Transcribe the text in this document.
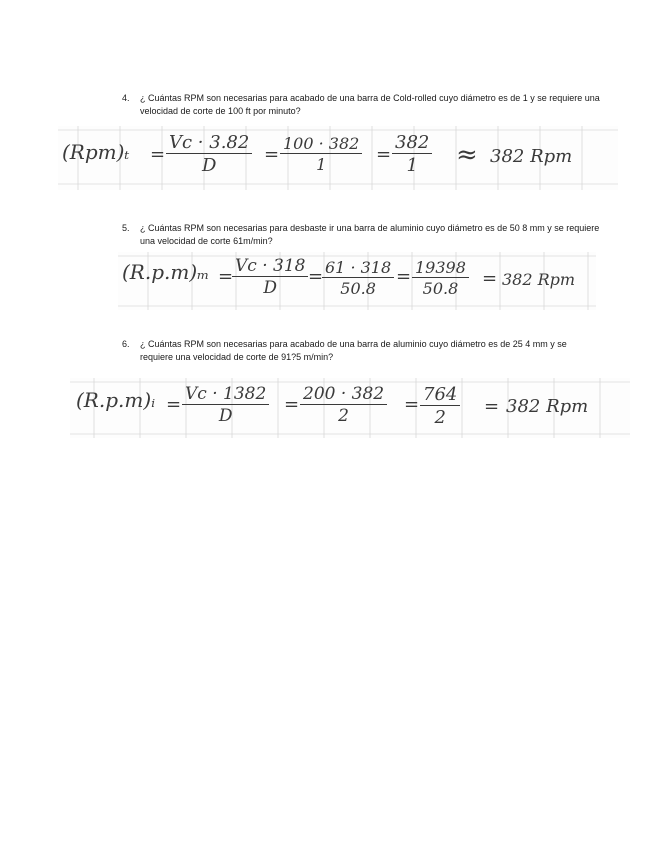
4. ¿ Cuántas RPM son necesarias para acabado de una barra de Cold-rolled cuyo diámetro es de 1 y se requiere una velocidad de corte de 100 ft por minuto?
$(Rpm)_t = \frac{Vc \cdot 3.82}{D} = \frac{100 \cdot 382}{1} = \frac{382}{1} \approx 382$ Rpm
5. ¿ Cuántas RPM son necesarias para desbaste ir una barra de aluminio cuyo diámetro es de 50 8 mm y se requiere una velocidad de corte 61m/min?
(R.p.m)ₘ =
$\frac{Vc \cdot 318}{D}$ =
$\frac{61 \cdot 318}{50.8} = \frac{19398}{50.8} = 382$ Rpm
6. ¿ Cuántas RPM son necesarias para acabado de una barra de aluminio cuyo diámetro es de 25 4 mm y se requiere una velocidad de corte de 91?5 m/min?
(R.p.m)ᵢ = $\frac{Vc \cdot 1382}{D} = \frac{200 \cdot 382}{2} = \frac{764}{2} = 382$ Rpm
